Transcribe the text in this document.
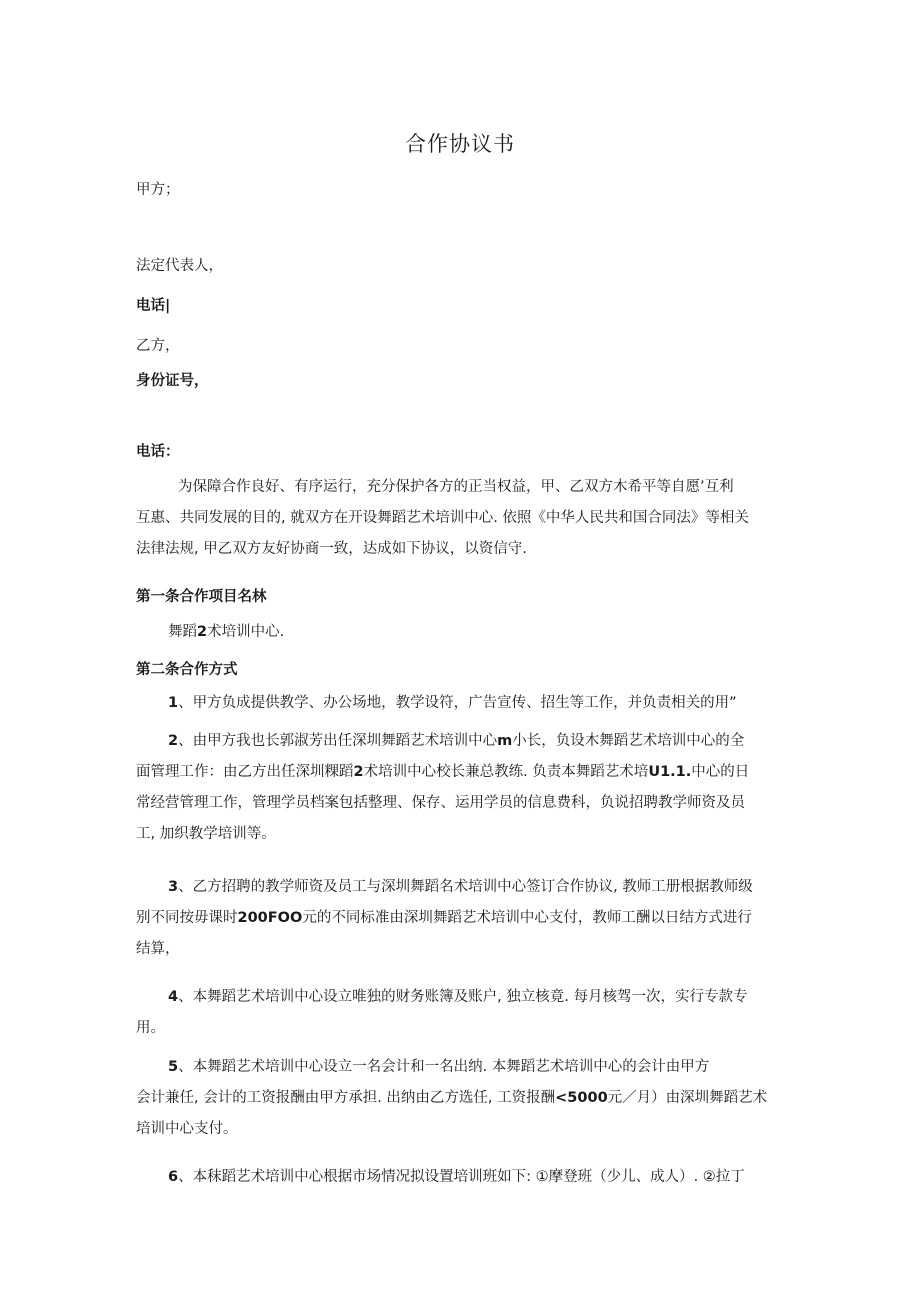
合作协议书
甲方；
法定代表人，
电话|
乙方，
身份证号，
电话：
为保障合作良好、有序运行，充分保护各方的正当权益，甲、乙双方木希平等自愿’互利
互惠、共同发展的目的, 就双方在开设舞蹈艺术培训中心. 依照《中华人民共和国合同法》等相关
法律法规, 甲乙双方友好协商一致，达成如下协议，以资信守.
第一条合作项目名林
舞蹈2术培训中心.
第二条合作方式
1、甲方负成提供教学、办公场地，教学设符，广告宣传、招生等工作，并负责相关的用”
2、由甲方我也长郭淑芳出任深圳舞蹈艺术培训中心m小长，负设木舞蹈艺术培训中心的全
面管理工作：由乙方出任深圳粿蹈2术培训中心校长兼总教练. 负责本舞蹈艺术培U1.1.中心的日
常经营管理工作，管理学员档案包括整理、保存、运用学员的信息费科，负说招聘教学师资及员
工, 加织教学培训等。
3、乙方招聘的教学师资及员工与深圳舞蹈名术培训中心签订合作协议, 教师工册根据教师级
别不同按毋课时200FOO元的不同标准由深圳舞蹈艺术培训中心支付，教师工酬以日结方式进行
结算，
4、本舞蹈艺术培训中心设立唯独的财务账簿及账户, 独立核竟. 每月核驾一次，实行专款专
用。
5、本舞蹈艺术培训中心设立一名会计和一名出纳. 本舞蹈艺术培训中心的会计由甲方
会计兼任, 会计的工资报酬由甲方承担. 出纳由乙方选任, 工资报酬<5000元／月）由深圳舞蹈艺术
培训中心支付。
6、本秣蹈艺术培训中心根据市场情况拟设置培训班如下: ①摩登班（少儿、成人）. ②拉丁
